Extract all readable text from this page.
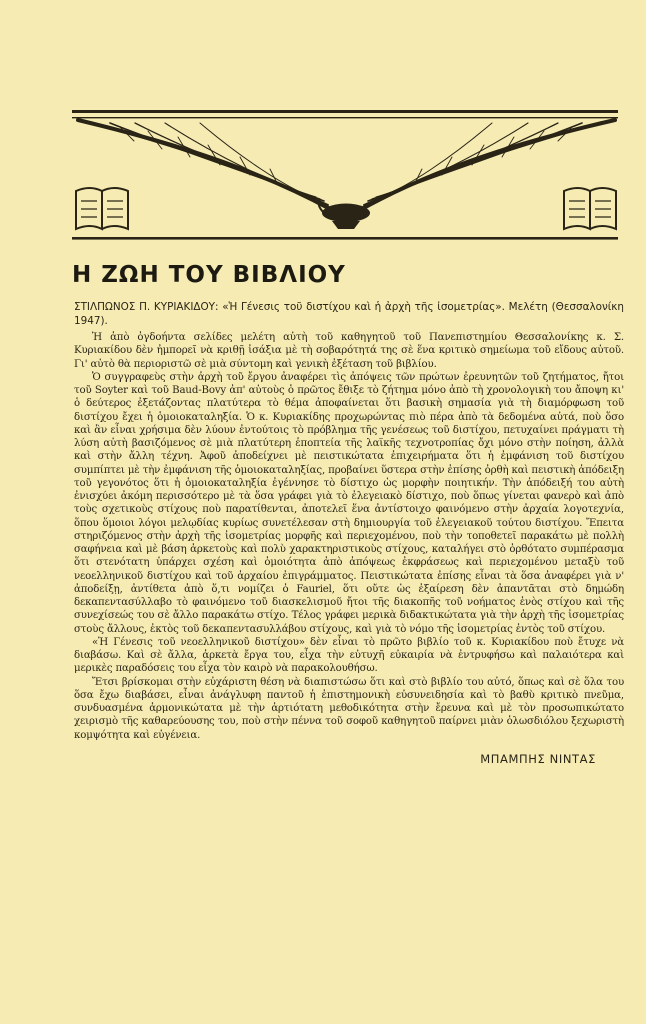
Η ΖΩΗ ΤΟΥ ΒΙΒΛΙΟΥ

ΣΤΙΛΠΩΝΟΣ Π. ΚΥΡΙΑΚΙΔΟΥ: «Ἡ Γένεσις τοῦ διστίχου καὶ ἡ ἀρχὴ τῆς ἰσομετρίας». Μελέτη (Θεσσαλονίκη 1947).

Ἡ ἀπὸ ὀγδοήντα σελίδες μελέτη αὐτὴ τοῦ καθηγητοῦ τοῦ Πανεπιστημίου Θεσσαλονίκης κ. Σ. Κυριακίδου δὲν ἠμπορεῖ νὰ κριθῇ ἰσάξια μὲ τὴ σοβαρότητά της σὲ ἕνα κριτικὸ σημείωμα τοῦ εἴδους αὐτοῦ. Γι' αὐτὸ θὰ περιοριστῶ σὲ μιὰ σύντομη καὶ γενικὴ ἐξέταση τοῦ βιβλίου.

Ὁ συγγραφεὺς στὴν ἀρχὴ τοῦ ἔργου ἀναφέρει τὶς ἀπόψεις τῶν πρώτων ἐρευνητῶν τοῦ ζητήματος, ἤτοι τοῦ Soyter καὶ τοῦ Baud-Bovy ἀπ' αὐτοὺς ὁ πρῶτος ἔθιξε τὸ ζήτημα μόνο ἀπὸ τὴ χρονολογικὴ του ἄποψη κι' ὁ δεύτερος ἐξετάζοντας πλατύτερα τὸ θέμα ἀποφαίνεται ὅτι βασικὴ σημασία γιὰ τὴ διαμόρφωση τοῦ διστίχου ἔχει ἡ ὁμοιοκαταληξία. Ὁ κ. Κυριακίδης προχωρώντας πιὸ πέρα ἀπὸ τὰ δεδομένα αὐτά, ποὺ ὅσο καὶ ἂν εἶναι χρήσιμα δὲν λύουν ἐντούτοις τὸ πρόβλημα τῆς γενέσεως τοῦ διστίχου, πετυχαίνει πράγματι τὴ λύση αὐτὴ βασιζόμενος σὲ μιὰ πλατύτερη ἐποπτεία τῆς λαϊκῆς τεχνοτροπίας ὄχι μόνο στὴν ποίηση, ἀλλὰ καὶ στὴν ἄλλη τέχνη. Ἀφοῦ ἀποδείχνει μὲ πειστικώτατα ἐπιχειρήματα ὅτι ἡ ἐμφάνιση τοῦ διστίχου συμπίπτει μὲ τὴν ἐμφάνιση τῆς ὁμοιοκαταληξίας, προβαίνει ὕστερα στὴν ἐπίσης ὀρθὴ καὶ πειστικὴ ἀπόδειξη τοῦ γεγονότος ὅτι ἡ ὁμοιοκαταληξία ἐγέννησε τὸ δίστιχο ὡς μορφὴν ποιητικήν. Τὴν ἀπόδειξή του αὐτὴ ἐνισχύει ἀκόμη περισσότερο μὲ τὰ ὅσα γράφει γιὰ τὸ ἐλεγειακὸ δίστιχο, ποὺ ὅπως γίνεται φανερὸ καὶ ἀπὸ τοὺς σχετικοὺς στίχους ποὺ παρατίθενται, ἀποτελεῖ ἕνα ἀντίστοιχο φαινόμενο στὴν ἀρχαία λογοτεχνία, ὅπου ὅμοιοι λόγοι μελῳδίας κυρίως συνετέλεσαν στὴ δημιουργία τοῦ ἐλεγειακοῦ τούτου διστίχου. Ἔπειτα στηριζόμενος στὴν ἀρχὴ τῆς ἰσομετρίας μορφῆς καὶ περιεχομένου, ποὺ τὴν τοποθετεῖ παρακάτω μὲ πολλὴ σαφήνεια καὶ μὲ βάση ἀρκετοὺς καὶ πολὺ χαρακτηριστικοὺς στίχους, καταλήγει στὸ ὀρθότατο συμπέρασμα ὅτι στενότατη ὑπάρχει σχέση καὶ ὁμοιότητα ἀπὸ ἀπόψεως ἐκφράσεως καὶ περιεχομένου μεταξὺ τοῦ νεοελληνικοῦ διστίχου καὶ τοῦ ἀρχαίου ἐπιγράμματος. Πειστικώτατα ἐπίσης εἶναι τὰ ὅσα ἀναφέρει γιὰ ν' ἀποδείξῃ, ἀντίθετα ἀπὸ ὅ,τι νομίζει ὁ Fauriel, ὅτι οὔτε ὡς ἐξαίρεση δὲν ἀπαντᾶται στὸ δημώδη δεκαπεντασύλλαβο τὸ φαινόμενο τοῦ διασκελισμοῦ ἤτοι τῆς διακοπῆς τοῦ νοήματος ἑνὸς στίχου καὶ τῆς συνεχίσεώς του σὲ ἄλλο παρακάτω στίχο. Τέλος γράφει μερικὰ διδακτικώτατα γιὰ τὴν ἀρχὴ τῆς ἰσομετρίας στοὺς ἄλλους, ἐκτὸς τοῦ δεκαπεντασυλλάβου στίχους, καὶ γιὰ τὸ νόμο τῆς ἰσομετρίας ἐντὸς τοῦ στίχου.

«Ἡ Γένεσις τοῦ νεοελληνικοῦ διστίχου» δὲν εἶναι τὸ πρῶτο βιβλίο τοῦ κ. Κυριακίδου ποὺ ἔτυχε νὰ διαβάσω. Καὶ σὲ ἄλλα, ἀρκετὰ ἔργα του, εἶχα τὴν εὐτυχῆ εὐκαιρία νὰ ἐντρυφήσω καὶ παλαιότερα καὶ μερικὲς παραδόσεις του εἶχα τὸν καιρὸ νὰ παρακολουθήσω.

Ἔτσι βρίσκομαι στὴν εὐχάριστη θέση νὰ διαπιστώσω ὅτι καὶ στὸ βιβλίο του αὐτό, ὅπως καὶ σὲ ὅλα του ὅσα ἔχω διαβάσει, εἶναι ἀνάγλυφη παντοῦ ἡ ἐπιστημονικὴ εὐσυνειδησία καὶ τὸ βαθὺ κριτικὸ πνεῦμα, συνδυασμένα ἁρμονικώτατα μὲ τὴν ἀρτιότατη μεθοδικότητα στὴν ἔρευνα καὶ μὲ τὸν προσωπικώτατο χειρισμὸ τῆς καθαρεύουσης του, ποὺ στὴν πέννα τοῦ σοφοῦ καθηγητοῦ παίρνει μιὰν ὁλωσδιόλου ξεχωριστὴ κομψότητα καὶ εὐγένεια.

ΜΠΑΜΠΗΣ ΝΙΝΤΑΣ
